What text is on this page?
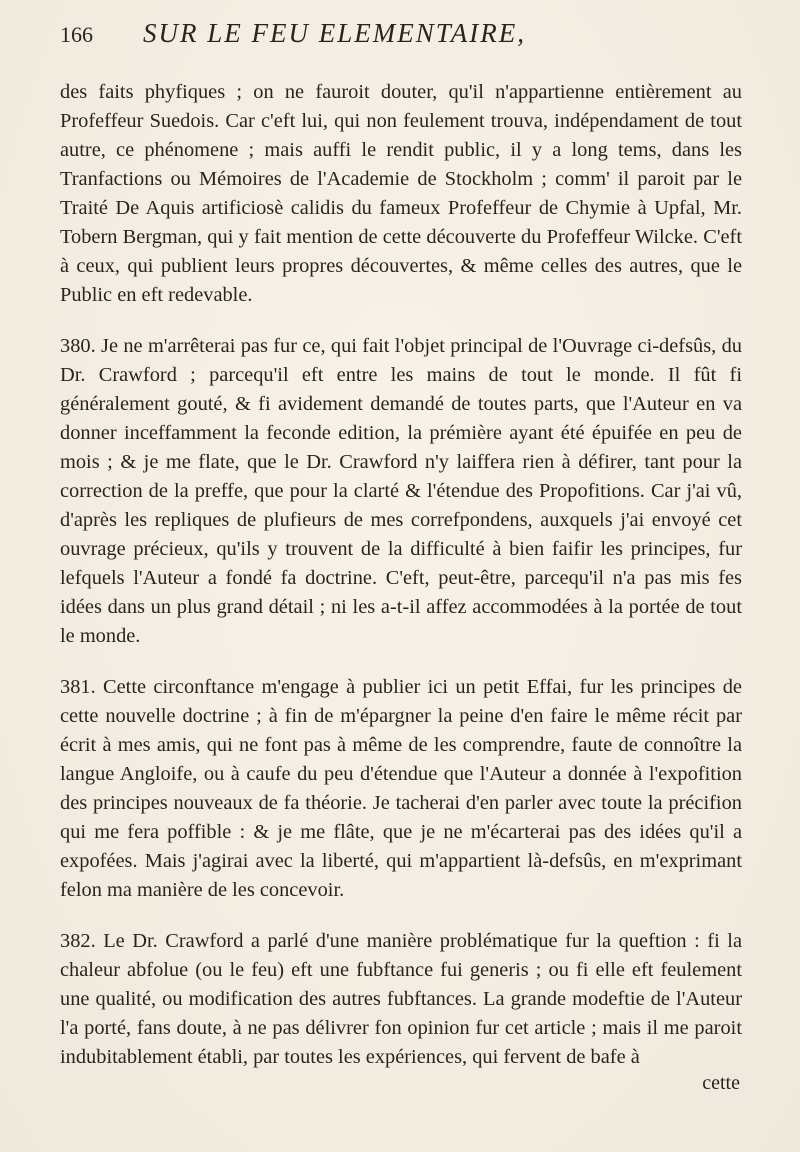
166 SUR LE FEU ELEMENTAIRE,

des faits phyfiques ; on ne fauroit douter, qu'il n'appartienne entièrement au Profeffeur Suedois. Car c'eft lui, qui non feulement trouva, indépendament de tout autre, ce phénomene ; mais auffi le rendit public, il y a long tems, dans les Tranfactions ou Mémoires de l'Academie de Stockholm ; comm' il paroit par le Traité De Aquis artificiosè calidis du fameux Profeffeur de Chymie à Upfal, Mr. Tobern Bergman, qui y fait mention de cette découverte du Profeffeur Wilcke. C'eft à ceux, qui publient leurs propres découvertes, & même celles des autres, que le Public en eft redevable.

380. Je ne m'arrêterai pas fur ce, qui fait l'objet principal de l'Ouvrage ci-defsûs, du Dr. Crawford ; parcequ'il eft entre les mains de tout le monde. Il fût fi généralement gouté, & fi avidement demandé de toutes parts, que l'Auteur en va donner inceffamment la feconde edition, la prémière ayant été épuifée en peu de mois ; & je me flate, que le Dr. Crawford n'y laiffera rien à défirer, tant pour la correction de la preffe, que pour la clarté & l'étendue des Propofitions. Car j'ai vû, d'après les repliques de plufieurs de mes correfpondens, auxquels j'ai envoyé cet ouvrage précieux, qu'ils y trouvent de la difficulté à bien faifir les principes, fur lefquels l'Auteur a fondé fa doctrine. C'eft, peut-être, parcequ'il n'a pas mis fes idées dans un plus grand détail ; ni les a-t-il affez accommodées à la portée de tout le monde.

381. Cette circonftance m'engage à publier ici un petit Effai, fur les principes de cette nouvelle doctrine ; à fin de m'épargner la peine d'en faire le même récit par écrit à mes amis, qui ne font pas à même de les comprendre, faute de connoître la langue Angloife, ou à caufe du peu d'étendue que l'Auteur a donnée à l'expofition des principes nouveaux de fa théorie. Je tacherai d'en parler avec toute la précifion qui me fera poffible : & je me flâte, que je ne m'écarterai pas des idées qu'il a expofées. Mais j'agirai avec la liberté, qui m'appartient là-defsûs, en m'exprimant felon ma manière de les concevoir.

382. Le Dr. Crawford a parlé d'une manière problématique fur la queftion : fi la chaleur abfolue (ou le feu) eft une fubftance fui generis ; ou fi elle eft feulement une qualité, ou modification des autres fubftances. La grande modeftie de l'Auteur l'a porté, fans doute, à ne pas délivrer fon opinion fur cet article ; mais il me paroit indubitablement établi, par toutes les expériences, qui fervent de bafe à

cette
